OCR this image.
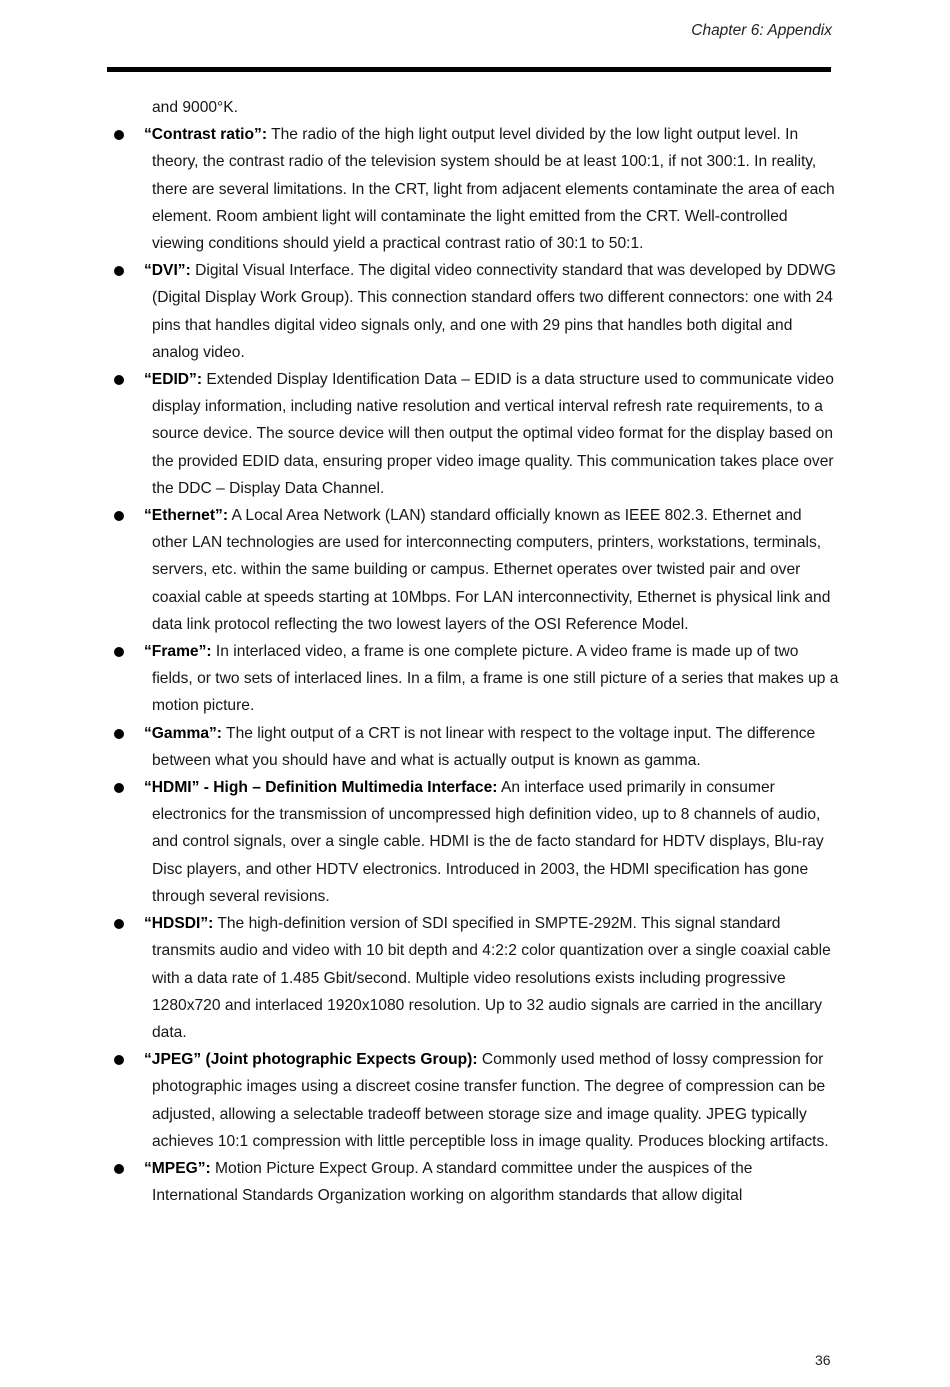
Chapter 6: Appendix

and 9000°K.

“Contrast ratio”: The radio of the high light output level divided by the low light output level. In theory, the contrast radio of the television system should be at least 100:1, if not 300:1. In reality, there are several limitations. In the CRT, light from adjacent elements contaminate the area of each element. Room ambient light will contaminate the light emitted from the CRT. Well-controlled viewing conditions should yield a practical contrast ratio of 30:1 to 50:1.

“DVI”: Digital Visual Interface. The digital video connectivity standard that was developed by DDWG (Digital Display Work Group). This connection standard offers two different connectors: one with 24 pins that handles digital video signals only, and one with 29 pins that handles both digital and analog video.

“EDID”: Extended Display Identification Data – EDID is a data structure used to communicate video display information, including native resolution and vertical interval refresh rate requirements, to a source device. The source device will then output the optimal video format for the display based on the provided EDID data, ensuring proper video image quality. This communication takes place over the DDC – Display Data Channel.

“Ethernet”: A Local Area Network (LAN) standard officially known as IEEE 802.3. Ethernet and other LAN technologies are used for interconnecting computers, printers, workstations, terminals, servers, etc. within the same building or campus. Ethernet operates over twisted pair and over coaxial cable at speeds starting at 10Mbps. For LAN interconnectivity, Ethernet is physical link and data link protocol reflecting the two lowest layers of the OSI Reference Model.

“Frame”: In interlaced video, a frame is one complete picture. A video frame is made up of two fields, or two sets of interlaced lines. In a film, a frame is one still picture of a series that makes up a motion picture.

“Gamma”: The light output of a CRT is not linear with respect to the voltage input. The difference between what you should have and what is actually output is known as gamma.

“HDMI” - High – Definition Multimedia Interface: An interface used primarily in consumer electronics for the transmission of uncompressed high definition video, up to 8 channels of audio, and control signals, over a single cable. HDMI is the de facto standard for HDTV displays, Blu-ray Disc players, and other HDTV electronics. Introduced in 2003, the HDMI specification has gone through several revisions.

“HDSDI”: The high-definition version of SDI specified in SMPTE-292M. This signal standard transmits audio and video with 10 bit depth and 4:2:2 color quantization over a single coaxial cable with a data rate of 1.485 Gbit/second. Multiple video resolutions exists including progressive 1280x720 and interlaced 1920x1080 resolution. Up to 32 audio signals are carried in the ancillary data.

“JPEG” (Joint photographic Expects Group): Commonly used method of lossy compression for photographic images using a discreet cosine transfer function. The degree of compression can be adjusted, allowing a selectable tradeoff between storage size and image quality. JPEG typically achieves 10:1 compression with little perceptible loss in image quality. Produces blocking artifacts.

“MPEG”: Motion Picture Expect Group. A standard committee under the auspices of the International Standards Organization working on algorithm standards that allow digital

36
